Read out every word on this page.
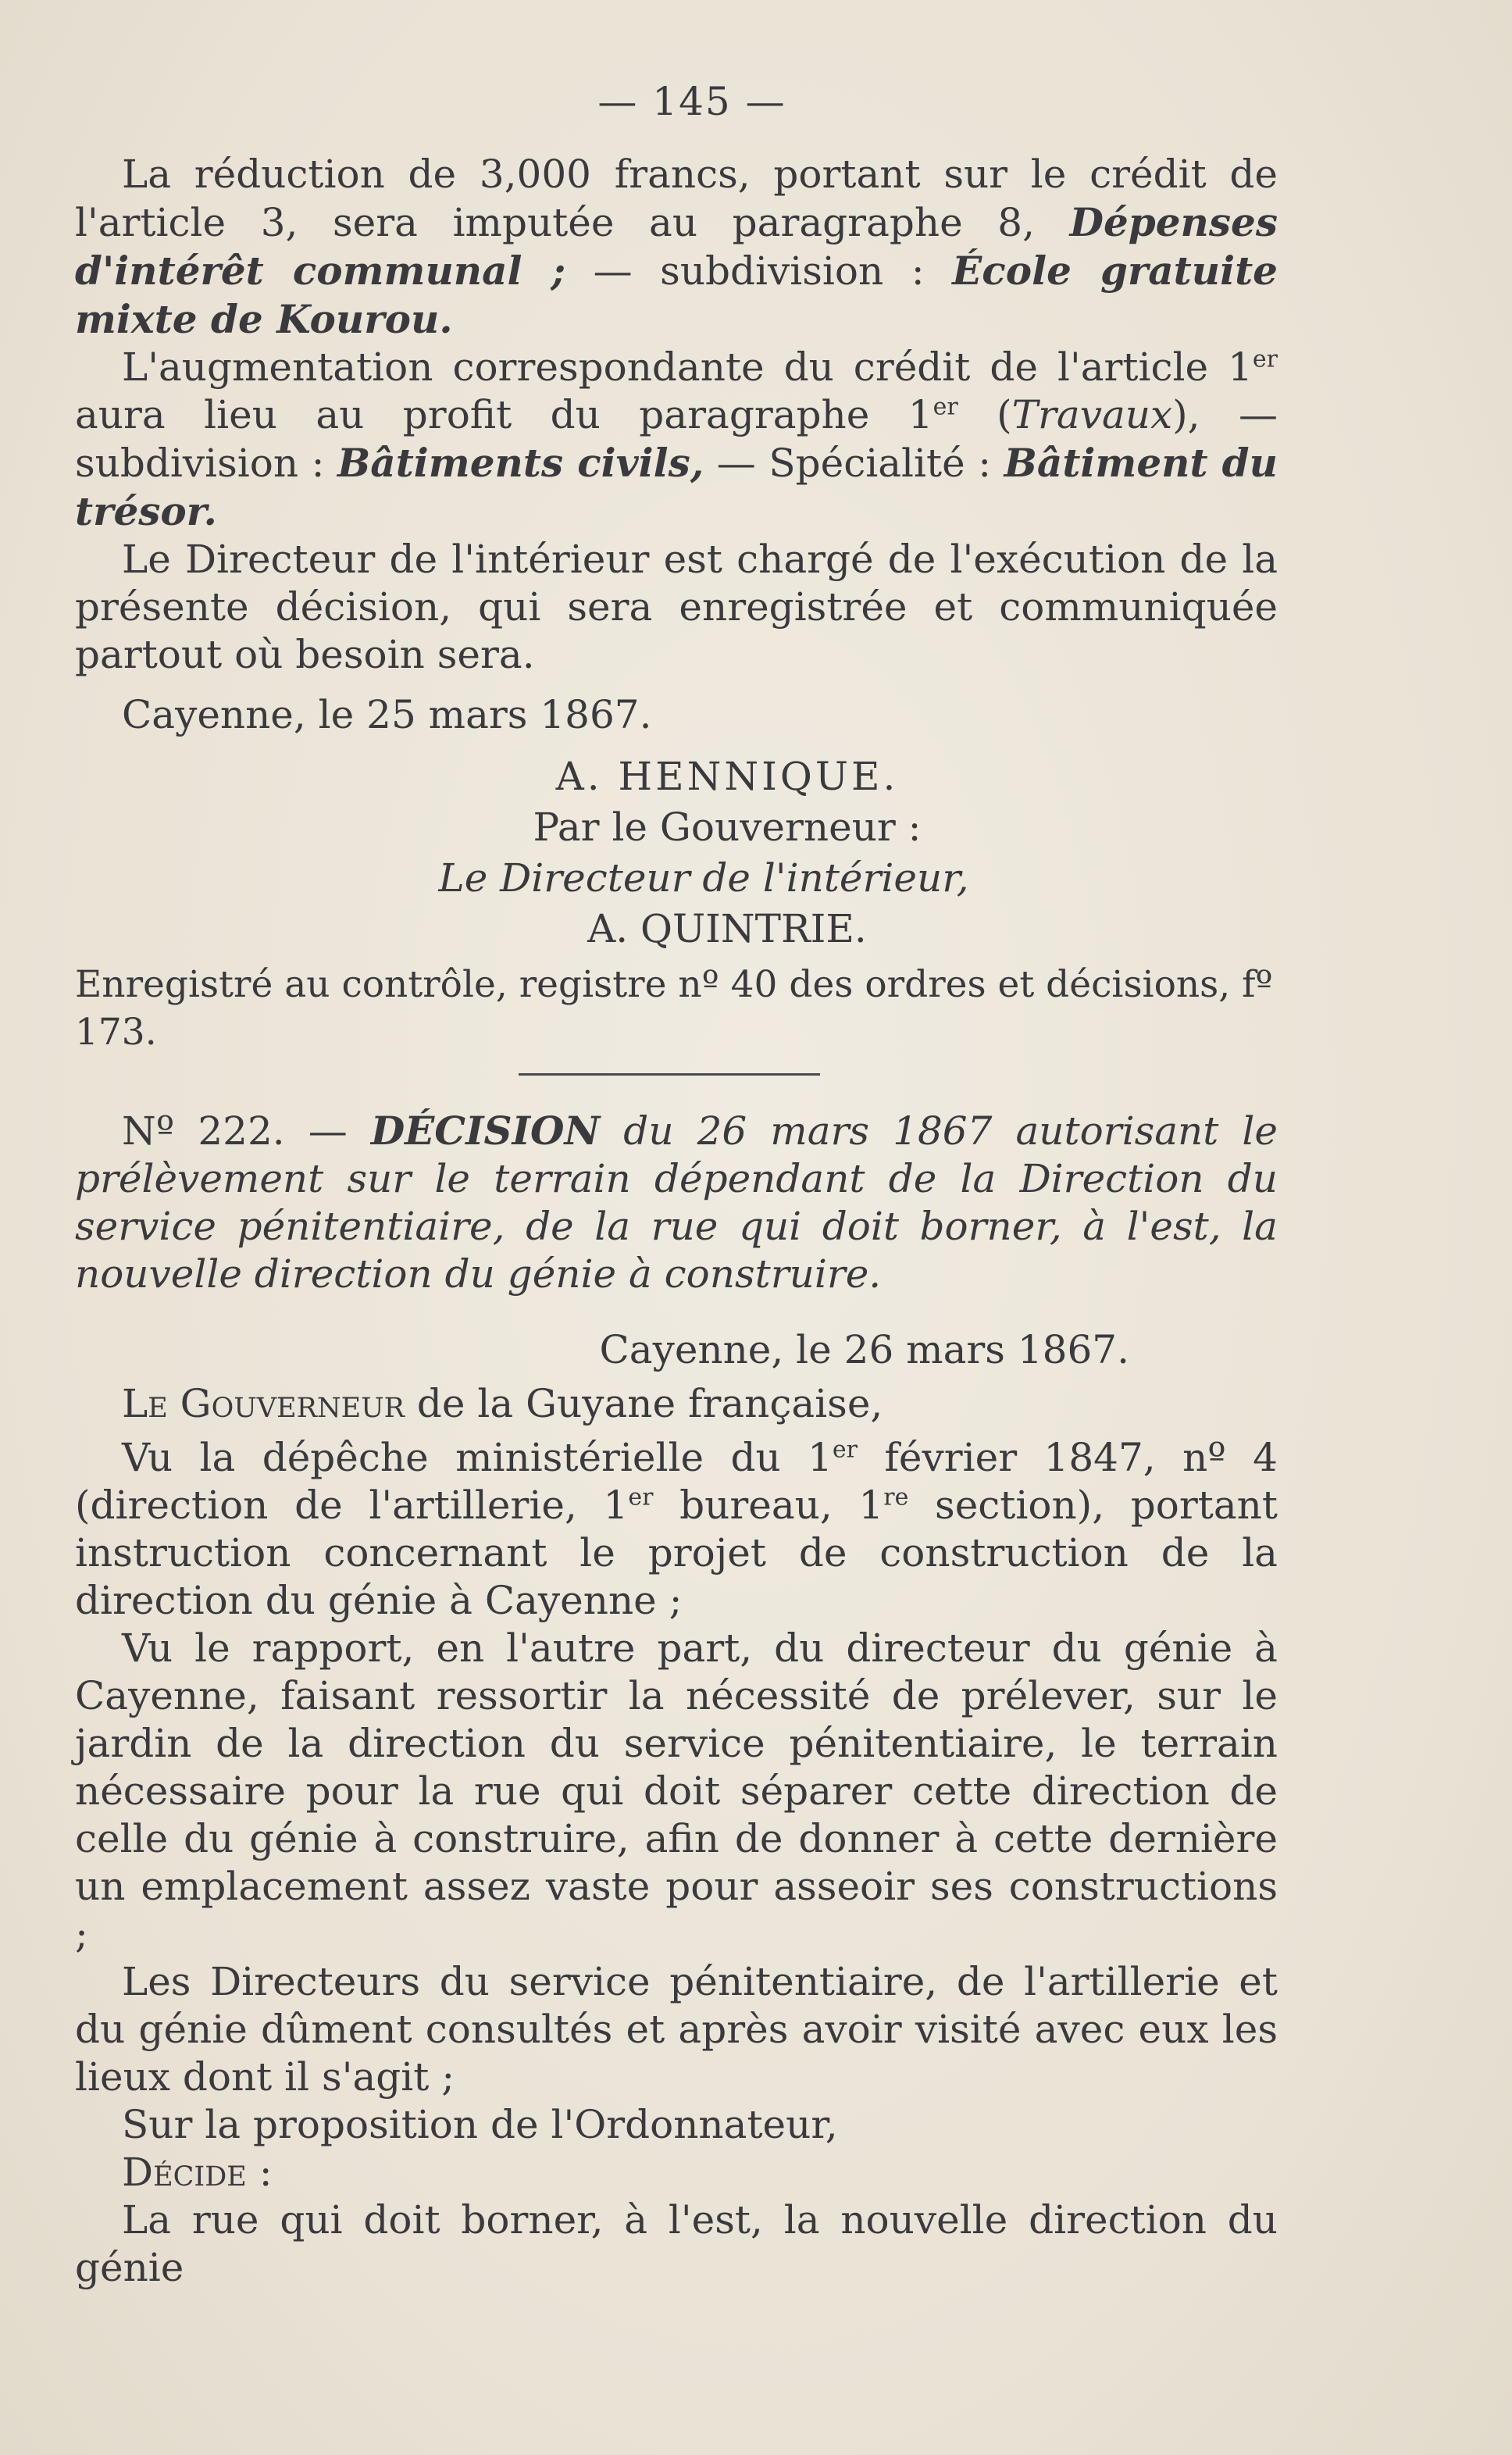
— 145 —

La réduction de 3,000 francs, portant sur le crédit de l'article 3, sera imputée au paragraphe 8, Dépenses d'intérêt communal ; — subdivision : École gratuite mixte de Kourou.

L'augmentation correspondante du crédit de l'article 1er aura lieu au profit du paragraphe 1er (Travaux), — subdivision : Bâtiments civils, — Spécialité : Bâtiment du trésor.

Le Directeur de l'intérieur est chargé de l'exécution de la présente décision, qui sera enregistrée et communiquée partout où besoin sera.

Cayenne, le 25 mars 1867.
A. HENNIQUE.
Par le Gouverneur :
Le Directeur de l'intérieur,
A. QUINTRIE.
Enregistré au contrôle, registre nº 40 des ordres et décisions, fº 173.

Nº 222. — DÉCISION du 26 mars 1867 autorisant le prélèvement sur le terrain dépendant de la Direction du service pénitentiaire, de la rue qui doit borner, à l'est, la nouvelle direction du génie à construire.

Cayenne, le 26 mars 1867.

Le Gouverneur de la Guyane française,

Vu la dépêche ministérielle du 1er février 1847, nº 4 (direction de l'artillerie, 1er bureau, 1re section), portant instruction concernant le projet de construction de la direction du génie à Cayenne ;

Vu le rapport, en l'autre part, du directeur du génie à Cayenne, faisant ressortir la nécessité de prélever, sur le jardin de la direction du service pénitentiaire, le terrain nécessaire pour la rue qui doit séparer cette direction de celle du génie à construire, afin de donner à cette dernière un emplacement assez vaste pour asseoir ses constructions ;

Les Directeurs du service pénitentiaire, de l'artillerie et du génie dûment consultés et après avoir visité avec eux les lieux dont il s'agit ;

Sur la proposition de l'Ordonnateur,

Décide :

La rue qui doit borner, à l'est, la nouvelle direction du génie
